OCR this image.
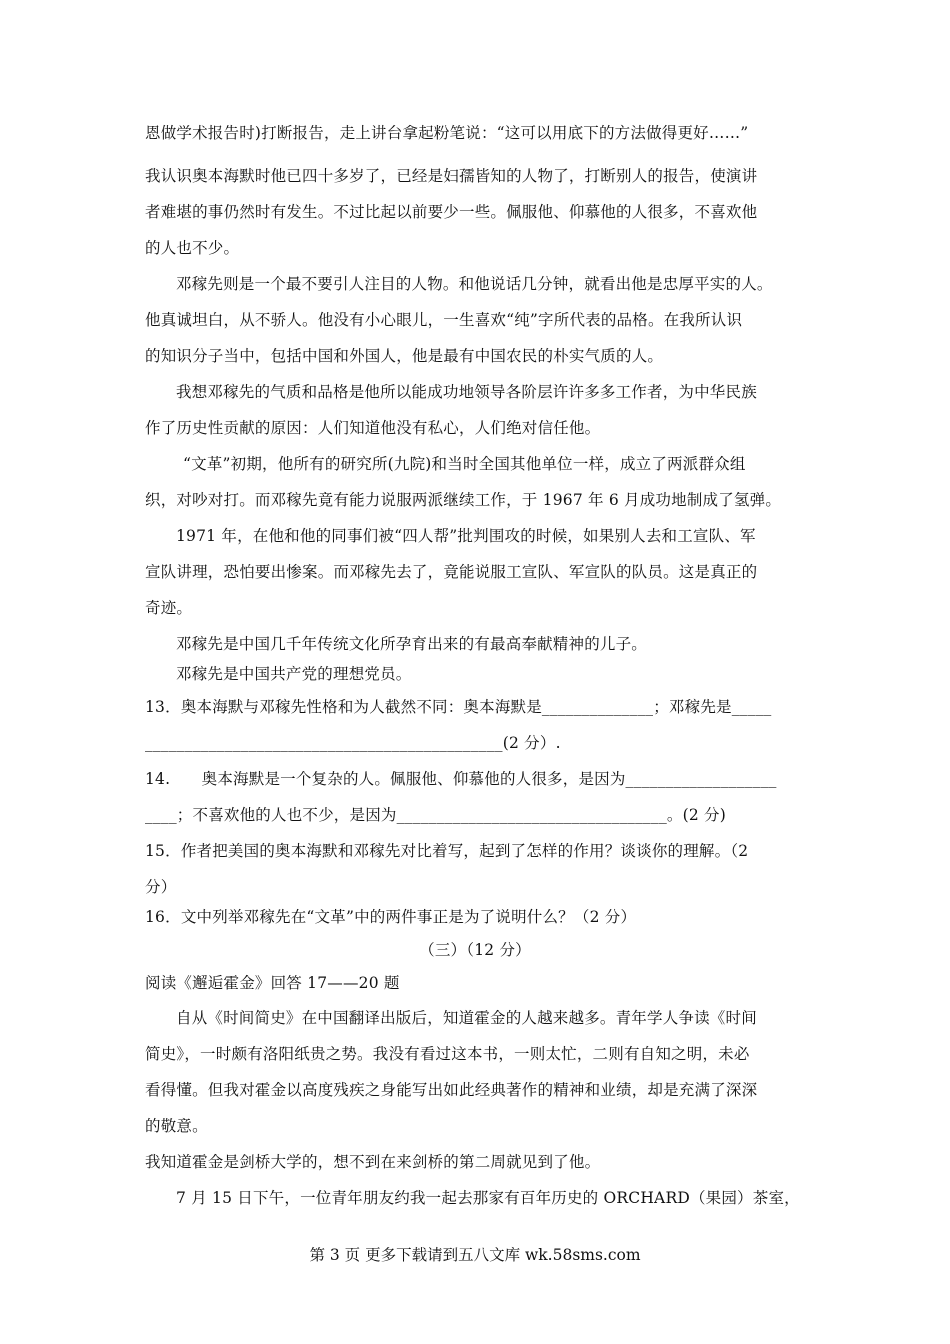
恩做学术报告时)打断报告，走上讲台拿起粉笔说：“这可以用底下的方法做得更好……”
我认识奥本海默时他已四十多岁了，已经是妇孺皆知的人物了，打断别人的报告，使演讲
者难堪的事仍然时有发生。不过比起以前要少一些。佩服他、仰慕他的人很多，不喜欢他
的人也不少。
邓稼先则是一个最不要引人注目的人物。和他说话几分钟，就看出他是忠厚平实的人。
他真诚坦白，从不骄人。他没有小心眼儿，一生喜欢“纯”字所代表的品格。在我所认识
的知识分子当中，包括中国和外国人，他是最有中国农民的朴实气质的人。
我想邓稼先的气质和品格是他所以能成功地领导各阶层许许多多工作者，为中华民族
作了历史性贡献的原因：人们知道他没有私心，人们绝对信任他。
“文革”初期，他所有的研究所(九院)和当时全国其他单位一样，成立了两派群众组
织，对吵对打。而邓稼先竟有能力说服两派继续工作，于 1967 年 6 月成功地制成了氢弹。
1971 年，在他和他的同事们被“四人帮”批判围攻的时候，如果别人去和工宣队、军
宣队讲理，恐怕要出惨案。而邓稼先去了，竟能说服工宣队、军宣队的队员。这是真正的
奇迹。
邓稼先是中国几千年传统文化所孕育出来的有最高奉献精神的儿子。
邓稼先是中国共产党的理想党员。
13．奥本海默与邓稼先性格和为人截然不同：奥本海默是______________；邓稼先是_____
_____________________________________________(2 分）.
14.　　奥本海默是一个复杂的人。佩服他、仰慕他的人很多，是因为___________________
____；不喜欢他的人也不少，是因为__________________________________。(2 分)
15．作者把美国的奥本海默和邓稼先对比着写，起到了怎样的作用？谈谈你的理解。（2
分）
16．文中列举邓稼先在“文革”中的两件事正是为了说明什么？（2 分）
（三）（12 分）
阅读《邂逅霍金》回答 17——20 题
自从《时间简史》在中国翻译出版后，知道霍金的人越来越多。青年学人争读《时间
简史》，一时颇有洛阳纸贵之势。我没有看过这本书，一则太忙，二则有自知之明，未必
看得懂。但我对霍金以高度残疾之身能写出如此经典著作的精神和业绩，却是充满了深深
的敬意。
我知道霍金是剑桥大学的，想不到在来剑桥的第二周就见到了他。
7 月 15 日下午，一位青年朋友约我一起去那家有百年历史的 ORCHARD（果园）茶室，
第 3 页 更多下载请到五八文库 wk.58sms.com
